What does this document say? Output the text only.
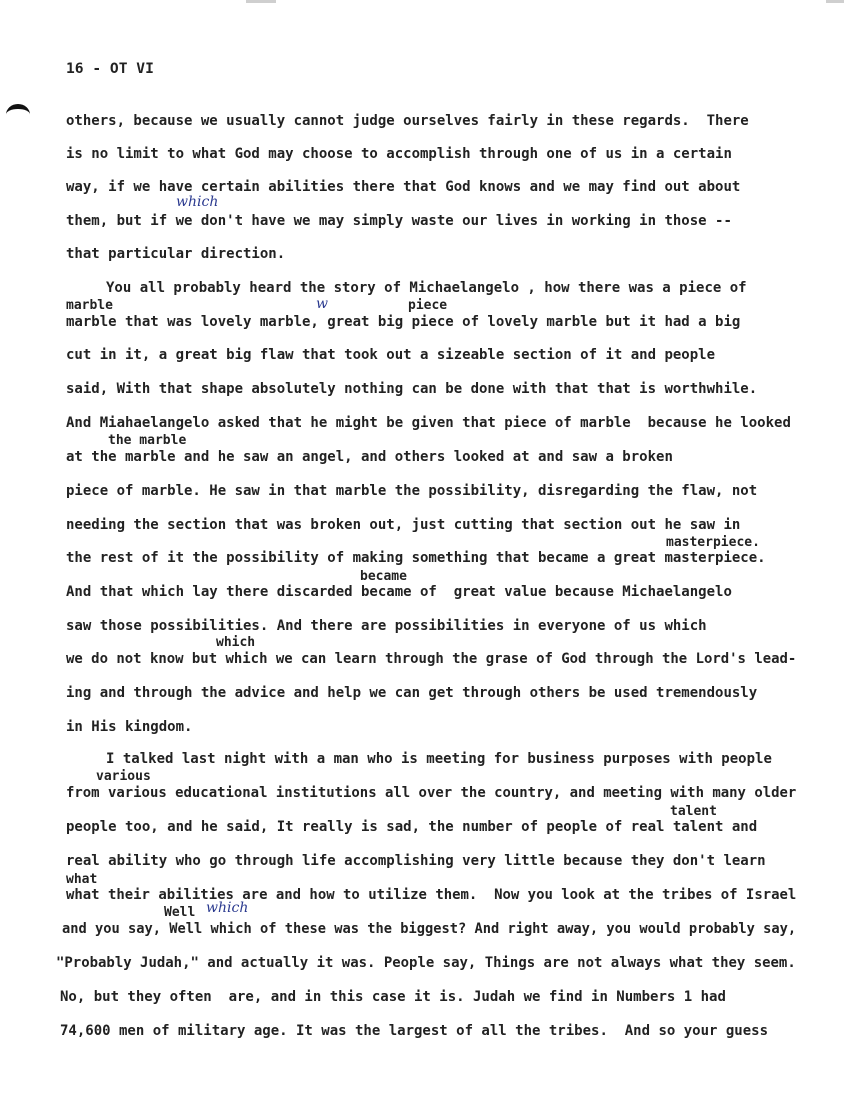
16 - OT VI
others, because we usually cannot judge ourselves fairly in these regards.  There
is no limit to what God may choose to accomplish through one of us in a certain
way, if we have certain abilities there that God knows and we may find out about
them, but if we don't have we may simply waste our lives in working in those --
that particular direction.
You all probably heard the story of Michaelangelo , how there was a piece of
marble that was lovely marble, great big piece of lovely marble but it had a big
cut in it, a great big flaw that took out a sizeable section of it and people
said, With that shape absolutely nothing can be done with that that is worthwhile.
And Miahaelangelo asked that he might be given that piece of marble  because he looked
at the marble and he saw an angel, and others looked at and saw a broken
piece of marble. He saw in that marble the possibility, disregarding the flaw, not
needing the section that was broken out, just cutting that section out he saw in
the rest of it the possibility of making something that became a great masterpiece.
And that which lay there discarded became of  great value because Michaelangelo
saw those possibilities. And there are possibilities in everyone of us which
we do not know but which we can learn through the grase of God through the Lord's lead-
ing and through the advice and help we can get through others be used tremendously
in His kingdom.
I talked last night with a man who is meeting for business purposes with people
from various educational institutions all over the country, and meeting with many older
people too, and he said, It really is sad, the number of people of real talent and
real ability who go through life accomplishing very little because they don't learn
what their abilities are and how to utilize them.  Now you look at the tribes of Israel
and you say, Well which of these was the biggest? And right away, you would probably say,
"Probably Judah," and actually it was. People say, Things are not always what they seem.
No, but they often  are, and in this case it is. Judah we find in Numbers 1 had
74,600 men of military age. It was the largest of all the tribes.  And so your guess
marble	piece
the marble
masterpiece.
became
which
various
talent
what
Well
which
w
which
